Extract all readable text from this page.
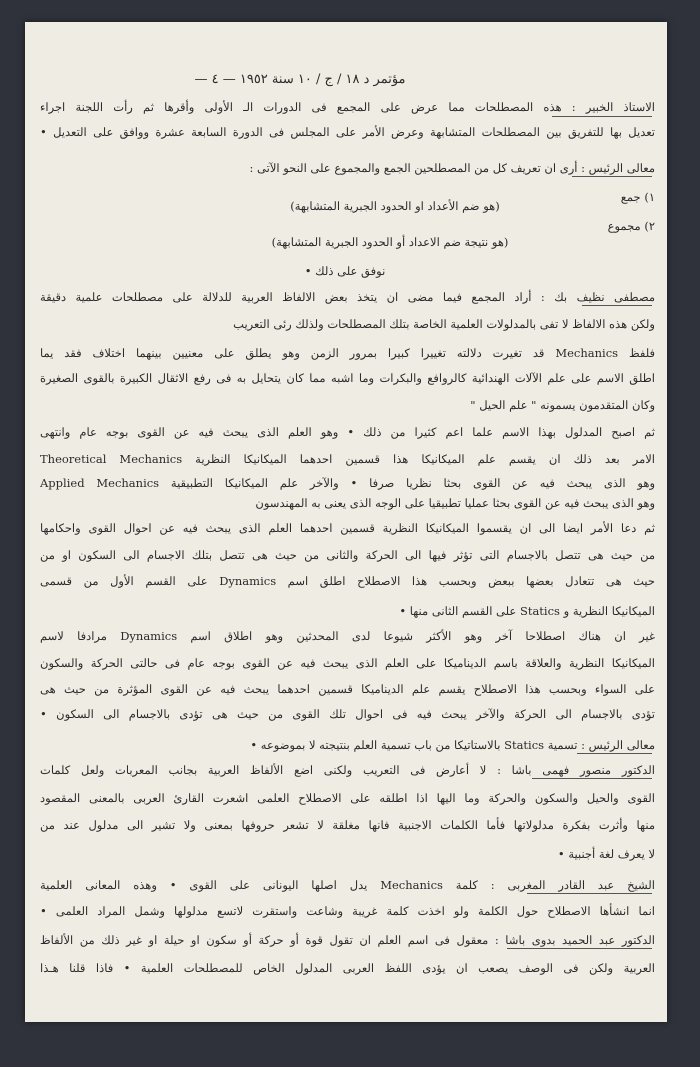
مؤتمر د ١٨ / ج / ١٠ سنة ١٩٥٢ — ٤ —
الاستاذ الخبير : هذه المصطلحات مما عرض على المجمع فى الدورات الـ الأولى وأقرها ثم رأت اللجنة اجراء
تعديل بها للتفريق بين المصطلحات المتشابهة وعرض الأمر على المجلس فى الدورة السابعة عشرة ووافق على التعديل •
معالى الرئيس : أرى ان تعريف كل من المصطلحين الجمع والمجموع على النحو الآتى :
١) جمع
(هو ضم الأعداد او الحدود الجبرية المتشابهة)
٢) مجموع
(هو نتيجة ضم الاعداد أو الحدود الجبرية المتشابهة)
نوفق على ذلك •
مصطفى نظيف بك : أراد المجمع فيما مضى ان يتخذ بعض الالفاظ العربية للدلالة على مصطلحات علمية دقيقة
ولكن هذه الالفاظ لا تفى بالمدلولات العلمية الخاصة بتلك المصطلحات ولذلك رئى التعريب
فلفظ Mechanics قد تغيرت دلالته تغييرا كبيرا بمرور الزمن وهو يطلق على معنيين بينهما اختلاف فقد يما
اطلق الاسم على علم الآلات الهندائية كالروافع والبكرات وما اشبه مما كان يتحايل به فى رفع الاثقال الكبيرة بالقوى الصغيرة
وكان المتقدمون يسمونه " علم الحيل "
ثم اصبح المدلول بهذا الاسم علما اعم كثيرا من ذلك • وهو العلم الذى يبحث فيه عن القوى بوجه عام وانتهى
الامر بعد ذلك ان يقسم علم الميكانيكا هذا قسمين احدهما الميكانيكا النظرية Theoretical Mechanics
وهو الذى يبحث فيه عن القوى بحثا نظريا صرفا • والآخر علم الميكانيكا التطبيقية Applied Mechanics
وهو الذى يبحث فيه عن القوى بحثا عمليا تطبيقيا على الوجه الذى يعنى به المهندسون
ثم دعا الأمر ايضا الى ان يقسموا الميكانيكا النظرية قسمين احدهما العلم الذى يبحث فيه عن احوال القوى واحكامها
من حيث هى تتصل بالاجسام التى تؤثر فيها الى الحركة والثانى من حيث هى تتصل بتلك الاجسام الى السكون او من
حيث هى تتعادل بعضها ببعض وبحسب هذا الاصطلاح اطلق اسم Dynamics على القسم الأول من قسمى
الميكانيكا النظرية و Statics على القسم الثانى منها •
غير ان هناك اصطلاحا آخر وهو الأكثر شيوعا لدى المحدثين وهو اطلاق اسم Dynamics مرادفا لاسم
الميكانيكا النظرية والعلاقة باسم الديناميكا على العلم الذى يبحث فيه عن القوى بوجه عام فى حالتى الحركة والسكون
على السواء وبحسب هذا الاصطلاح يقسم علم الديناميكا قسمين احدهما يبحث فيه عن القوى المؤثرة من حيث هى
تؤدى بالاجسام الى الحركة والآخر يبحث فيه فى احوال تلك القوى من حيث هى تؤدى بالاجسام الى السكون •
معالى الرئيس : تسمية Statics بالاستاتيكا من باب تسمية العلم بنتيجته لا بموضوعه •
الدكتور منصور فهمى باشا : لا أعارض فى التعريب ولكنى اضع الألفاظ العربية بجانب المعربات ولعل كلمات
القوى والحيل والسكون والحركة وما اليها اذا اطلقه على الاصطلاح العلمى اشعرت القارئ العربى بالمعنى المقصود
منها وأثرت بفكرة مدلولاتها فأما الكلمات الاجنبية فانها مغلقة لا تشعر حروفها بمعنى ولا تشير الى مدلول عند من
لا يعرف لغة أجنبية •
الشيخ عبد القادر المغربى : كلمة Mechanics يدل اصلها اليونانى على القوى • وهذه المعانى العلمية
انما انشأها الاصطلاح حول الكلمة ولو اخذت كلمة غريبة وشاعت واستقرت لاتسع مدلولها وشمل المراد العلمى •
الدكتور عبد الحميد بدوى باشا : معقول فى اسم العلم ان تقول قوة أو حركة أو سكون او حيلة او غير ذلك من الألفاظ
العربية ولكن فى الوصف يصعب ان يؤدى اللفظ العربى المدلول الخاص للمصطلحات العلمية • فاذا قلنا هـذا
